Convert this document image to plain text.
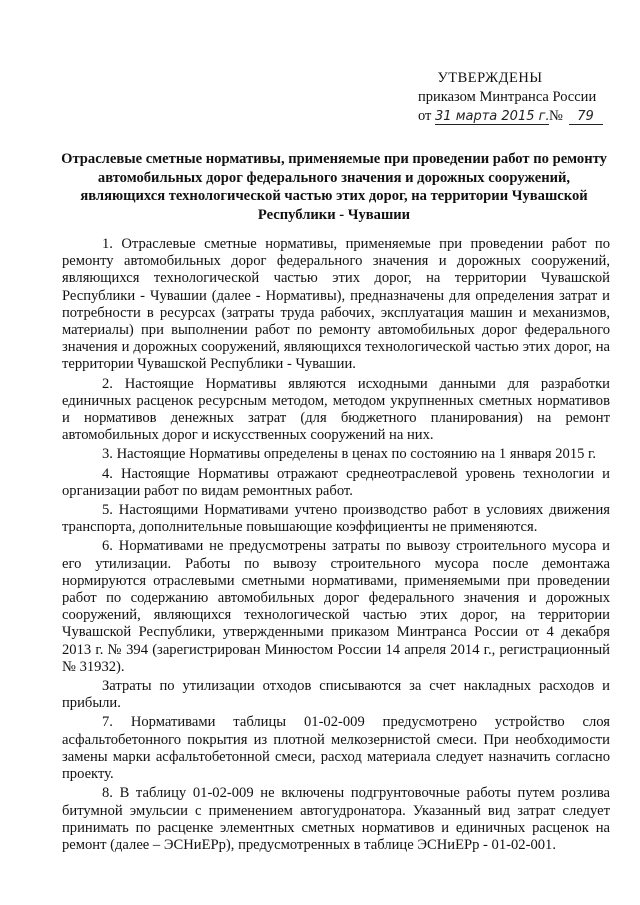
УТВЕРЖДЕНЫ
приказом Минтранса России
от 31 марта 2015 г.№ 79
Отраслевые сметные нормативы, применяемые при проведении работ по ремонту автомобильных дорог федерального значения и дорожных сооружений, являющихся технологической частью этих дорог, на территории Чувашской Республики - Чувашии

1. Отраслевые сметные нормативы, применяемые при проведении работ по ремонту автомобильных дорог федерального значения и дорожных сооружений, являющихся технологической частью этих дорог, на территории Чувашской Республики - Чувашии (далее - Нормативы), предназначены для определения затрат и потребности в ресурсах (затраты труда рабочих, эксплуатация машин и механизмов, материалы) при выполнении работ по ремонту автомобильных дорог федерального значения и дорожных сооружений, являющихся технологической частью этих дорог, на территории Чувашской Республики - Чувашии.

2. Настоящие Нормативы являются исходными данными для разработки единичных расценок ресурсным методом, методом укрупненных сметных нормативов и нормативов денежных затрат (для бюджетного планирования) на ремонт автомобильных дорог и искусственных сооружений на них.

3. Настоящие Нормативы определены в ценах по состоянию на 1 января 2015 г.

4. Настоящие Нормативы отражают среднеотраслевой уровень технологии и организации работ по видам ремонтных работ.

5. Настоящими Нормативами учтено производство работ в условиях движения транспорта, дополнительные повышающие коэффициенты не применяются.

6. Нормативами не предусмотрены затраты по вывозу строительного мусора и его утилизации. Работы по вывозу строительного мусора после демонтажа нормируются отраслевыми сметными нормативами, применяемыми при проведении работ по содержанию автомобильных дорог федерального значения и дорожных сооружений, являющихся технологической частью этих дорог, на территории Чувашской Республики, утвержденными приказом Минтранса России от 4 декабря 2013 г. № 394 (зарегистрирован Минюстом России 14 апреля 2014 г., регистрационный № 31932).

Затраты по утилизации отходов списываются за счет накладных расходов и прибыли.

7. Нормативами таблицы 01-02-009 предусмотрено устройство слоя асфальтобетонного покрытия из плотной мелкозернистой смеси. При необходимости замены марки асфальтобетонной смеси, расход материала следует назначить согласно проекту.

8. В таблицу 01-02-009 не включены подгрунтовочные работы путем розлива битумной эмульсии с применением автогудронатора. Указанный вид затрат следует принимать по расценке элементных сметных нормативов и единичных расценок на ремонт (далее – ЭСНиЕРр), предусмотренных в таблице ЭСНиЕРр - 01-02-001.
